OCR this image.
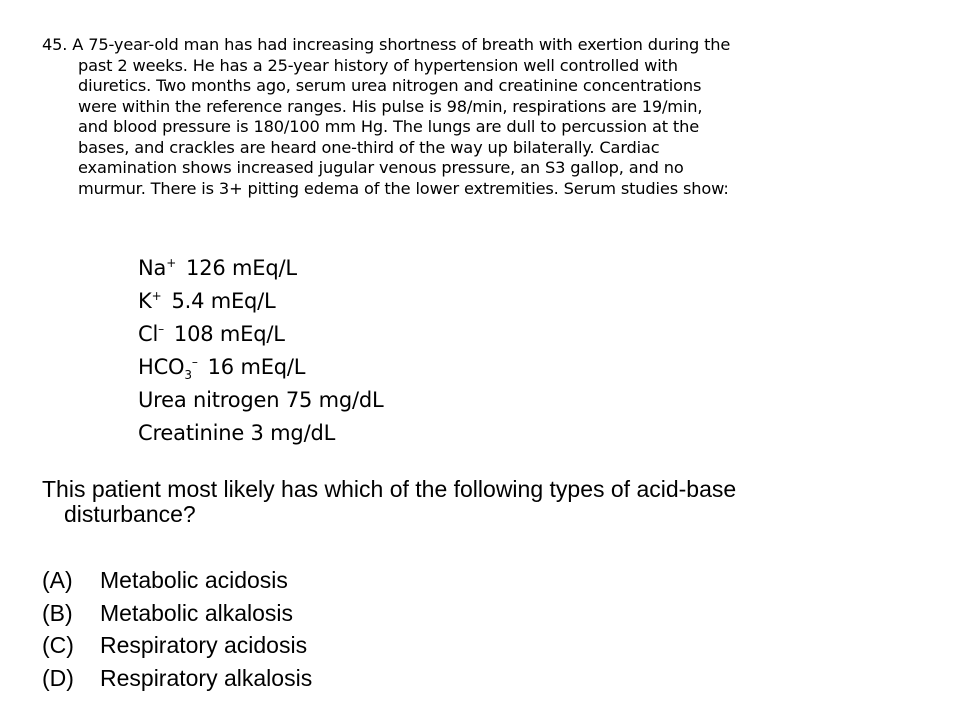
45. A 75-year-old man has had increasing shortness of breath with exertion during the
past 2 weeks. He has a 25-year history of hypertension well controlled with
diuretics. Two months ago, serum urea nitrogen and creatinine concentrations
were within the reference ranges. His pulse is 98/min, respirations are 19/min,
and blood pressure is 180/100 mm Hg. The lungs are dull to percussion at the
bases, and crackles are heard one-third of the way up bilaterally. Cardiac
examination shows increased jugular venous pressure, an S3 gallop, and no
murmur. There is 3+ pitting edema of the lower extremities. Serum studies show:
Na+ 126 mEq/L
K+ 5.4 mEq/L
Cl– 108 mEq/L
$HCO_3^-$ 16 mEq/L
Urea nitrogen 75 mg/dL
Creatinine 3 mg/dL
This patient most likely has which of the following types of acid-base
disturbance?
(A) Metabolic acidosis
(B) Metabolic alkalosis
(C) Respiratory acidosis
(D) Respiratory alkalosis
